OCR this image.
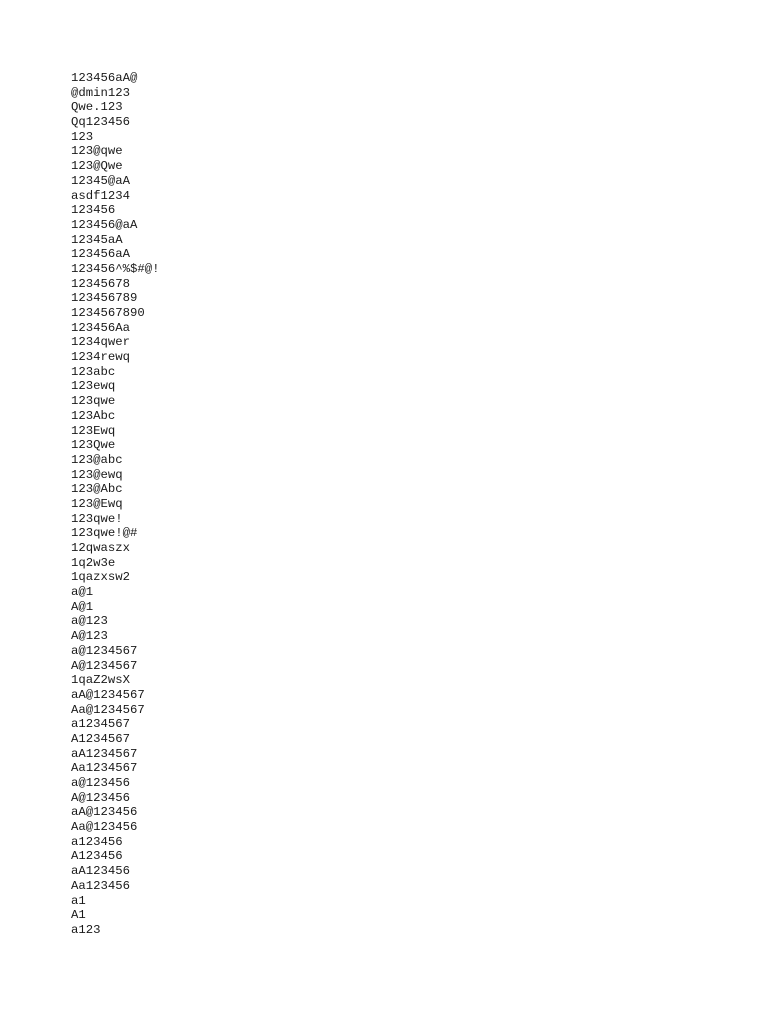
123456aA@
@dmin123
Qwe.123
Qq123456
123
123@qwe
123@Qwe
12345@aA
asdf1234
123456
123456@aA
12345aA
123456aA
123456^%$#@!
12345678
123456789
1234567890
123456Aa
1234qwer
1234rewq
123abc
123ewq
123qwe
123Abc
123Ewq
123Qwe
123@abc
123@ewq
123@Abc
123@Ewq
123qwe!
123qwe!@#
12qwaszx
1q2w3e
1qazxsw2
a@1
A@1
a@123
A@123
a@1234567
A@1234567
1qaZ2wsX
aA@1234567
Aa@1234567
a1234567
A1234567
aA1234567
Aa1234567
a@123456
A@123456
aA@123456
Aa@123456
a123456
A123456
aA123456
Aa123456
a1
A1
a123
